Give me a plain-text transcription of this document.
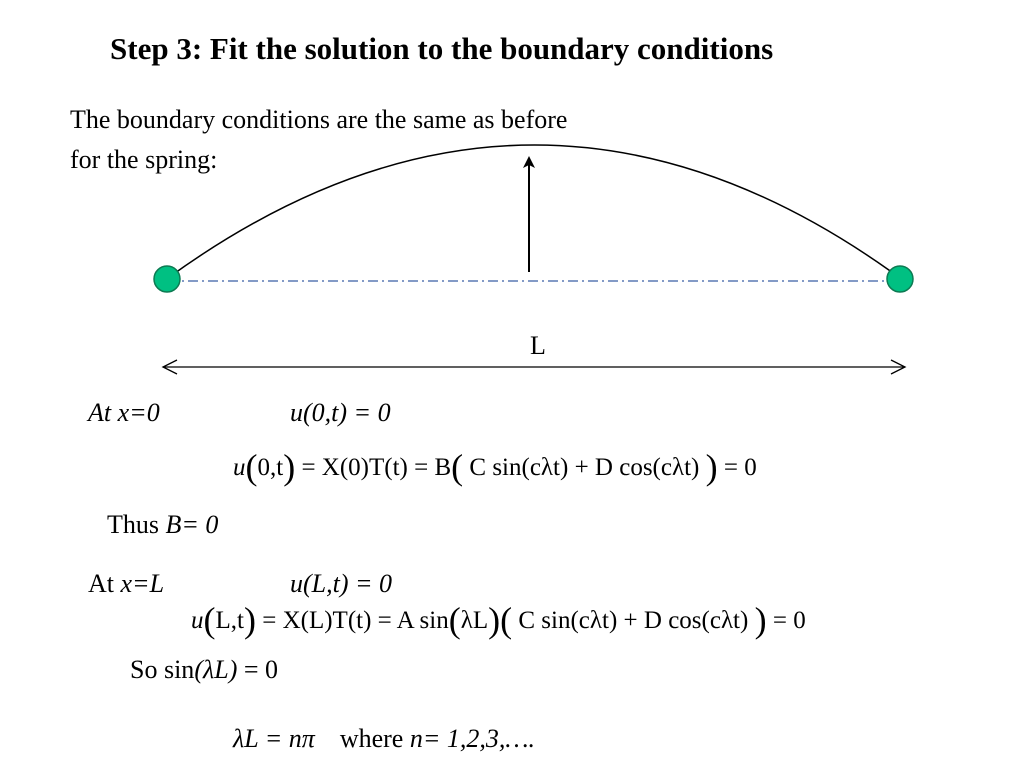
Step 3: Fit the solution to the boundary conditions
The boundary conditions are the same as before
for the spring:
L
At x=0	u(0,t) = 0
u(0,t) = X(0)T(t) = B( C sin(cλt) + D cos(cλt) ) = 0
Thus B= 0
At x=L	u(L,t) = 0
u(L,t) = X(L)T(t) = A sin(λL)( C sin(cλt) + D cos(cλt) ) = 0
So sin(λL) = 0
λL = nπ where n= 1,2,3,….
